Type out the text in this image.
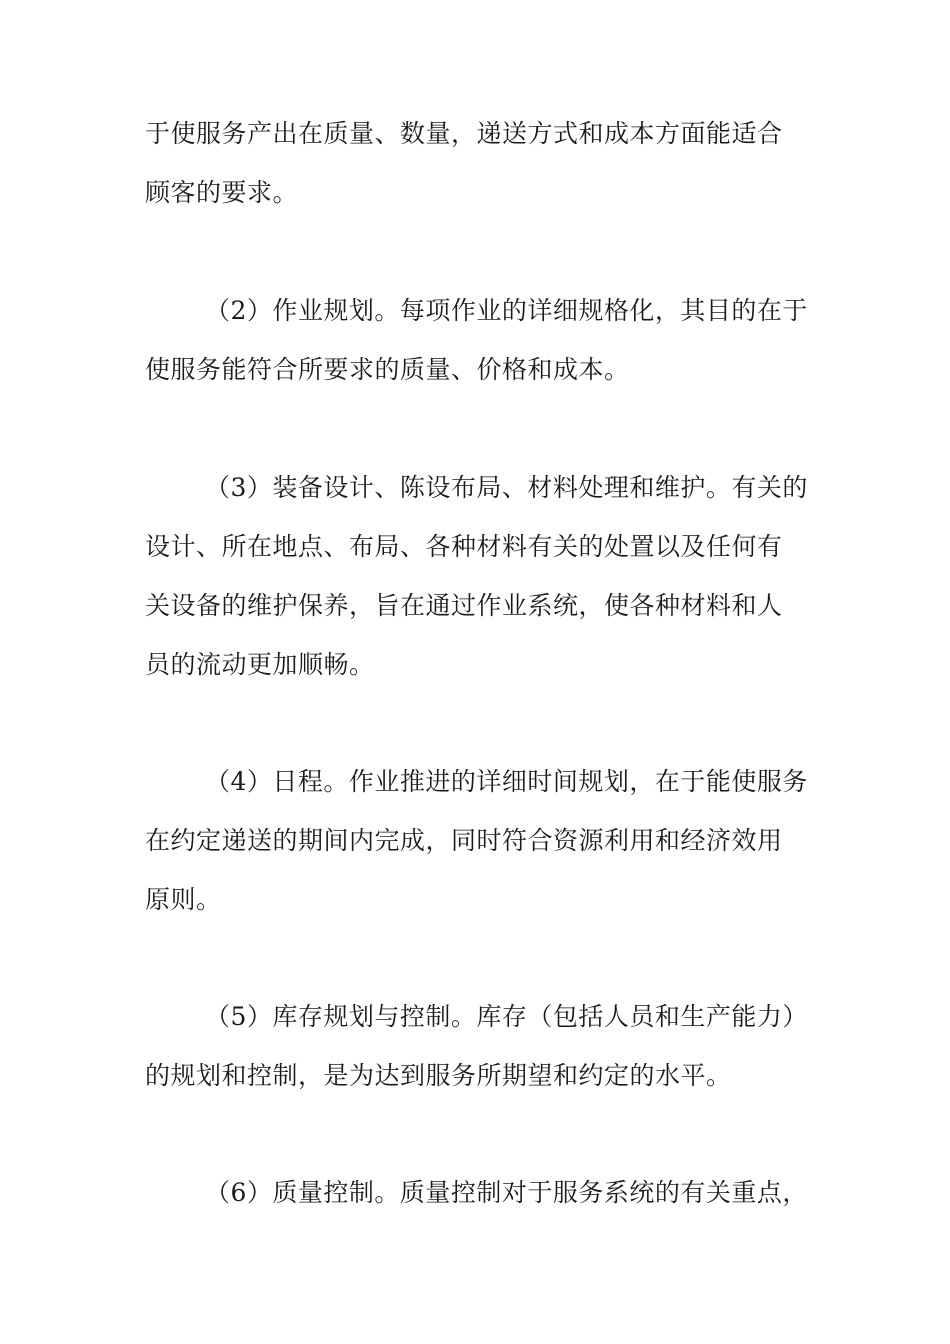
于使服务产出在质量、数量，递送方式和成本方面能适合
顾客的要求。

（2）作业规划。每项作业的详细规格化，其目的在于
使服务能符合所要求的质量、价格和成本。

（3）装备设计、陈设布局、材料处理和维护。有关的
设计、所在地点、布局、各种材料有关的处置以及任何有
关设备的维护保养，旨在通过作业系统，使各种材料和人
员的流动更加顺畅。

（4）日程。作业推进的详细时间规划，在于能使服务
在约定递送的期间内完成，同时符合资源利用和经济效用
原则。

（5）库存规划与控制。库存（包括人员和生产能力）
的规划和控制，是为达到服务所期望和约定的水平。

（6）质量控制。质量控制对于服务系统的有关重点，
